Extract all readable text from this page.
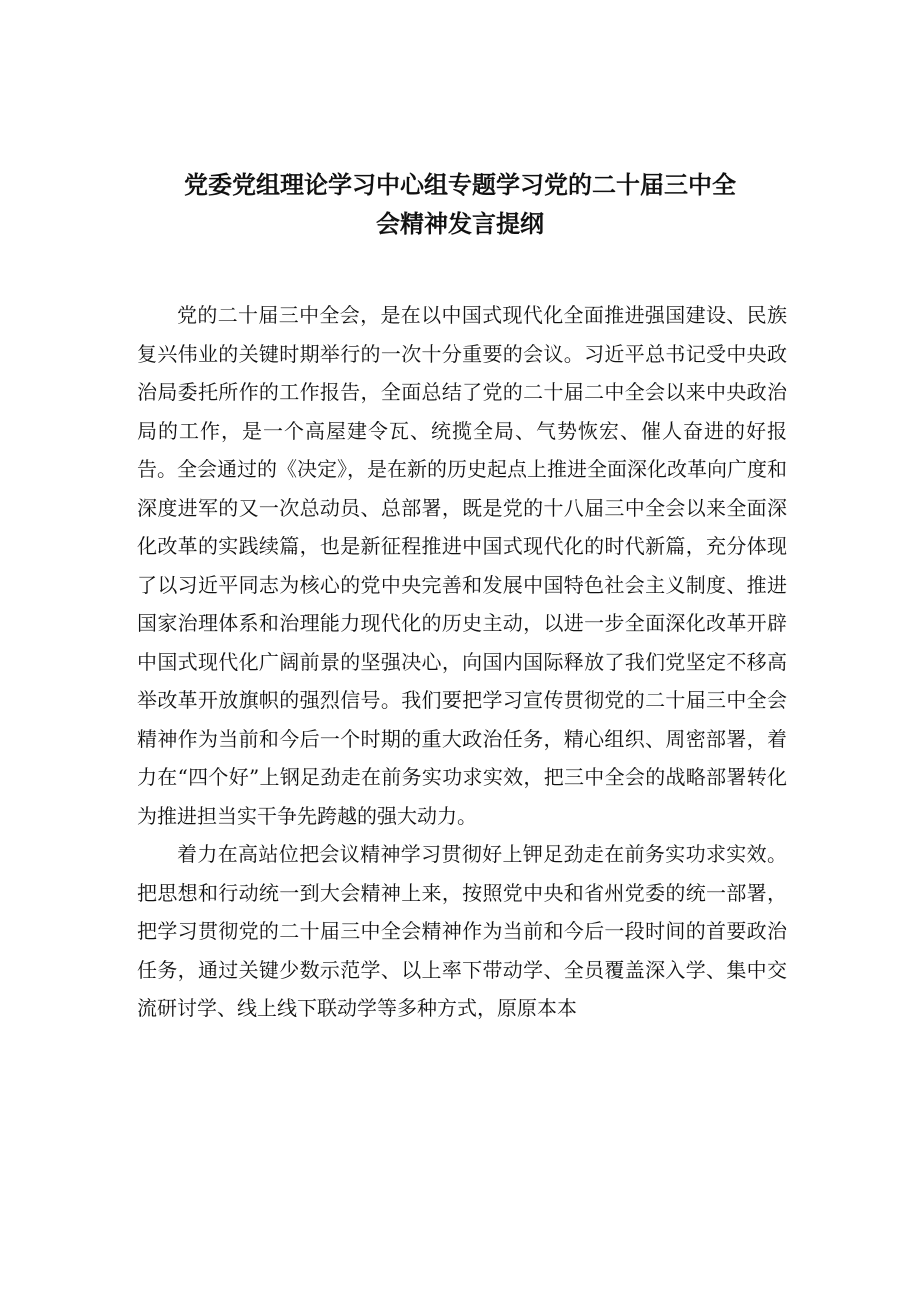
党委党组理论学习中心组专题学习党的二十届三中全
会精神发言提纲

党的二十届三中全会，是在以中国式现代化全面推进强国建设、民族复兴伟业的关键时期举行的一次十分重要的会议。习近平总书记受中央政治局委托所作的工作报告，全面总结了党的二十届二中全会以来中央政治局的工作，是一个高屋建令瓦、统揽全局、气势恢宏、催人奋进的好报告。全会通过的《决定》，是在新的历史起点上推进全面深化改革向广度和深度进军的又一次总动员、总部署，既是党的十八届三中全会以来全面深化改革的实践续篇，也是新征程推进中国式现代化的时代新篇，充分体现了以习近平同志为核心的党中央完善和发展中国特色社会主义制度、推进国家治理体系和治理能力现代化的历史主动，以进一步全面深化改革开辟中国式现代化广阔前景的坚强决心，向国内国际释放了我们党坚定不移高举改革开放旗帜的强烈信号。我们要把学习宣传贯彻党的二十届三中全会精神作为当前和今后一个时期的重大政治任务，精心组织、周密部署，着力在“四个好”上钢足劲走在前务实功求实效，把三中全会的战略部署转化为推进担当实干争先跨越的强大动力。

着力在高站位把会议精神学习贯彻好上钾足劲走在前务实功求实效。把思想和行动统一到大会精神上来，按照党中央和省州党委的统一部署，把学习贯彻党的二十届三中全会精神作为当前和今后一段时间的首要政治任务，通过关键少数示范学、以上率下带动学、全员覆盖深入学、集中交流研讨学、线上线下联动学等多种方式，原原本本
